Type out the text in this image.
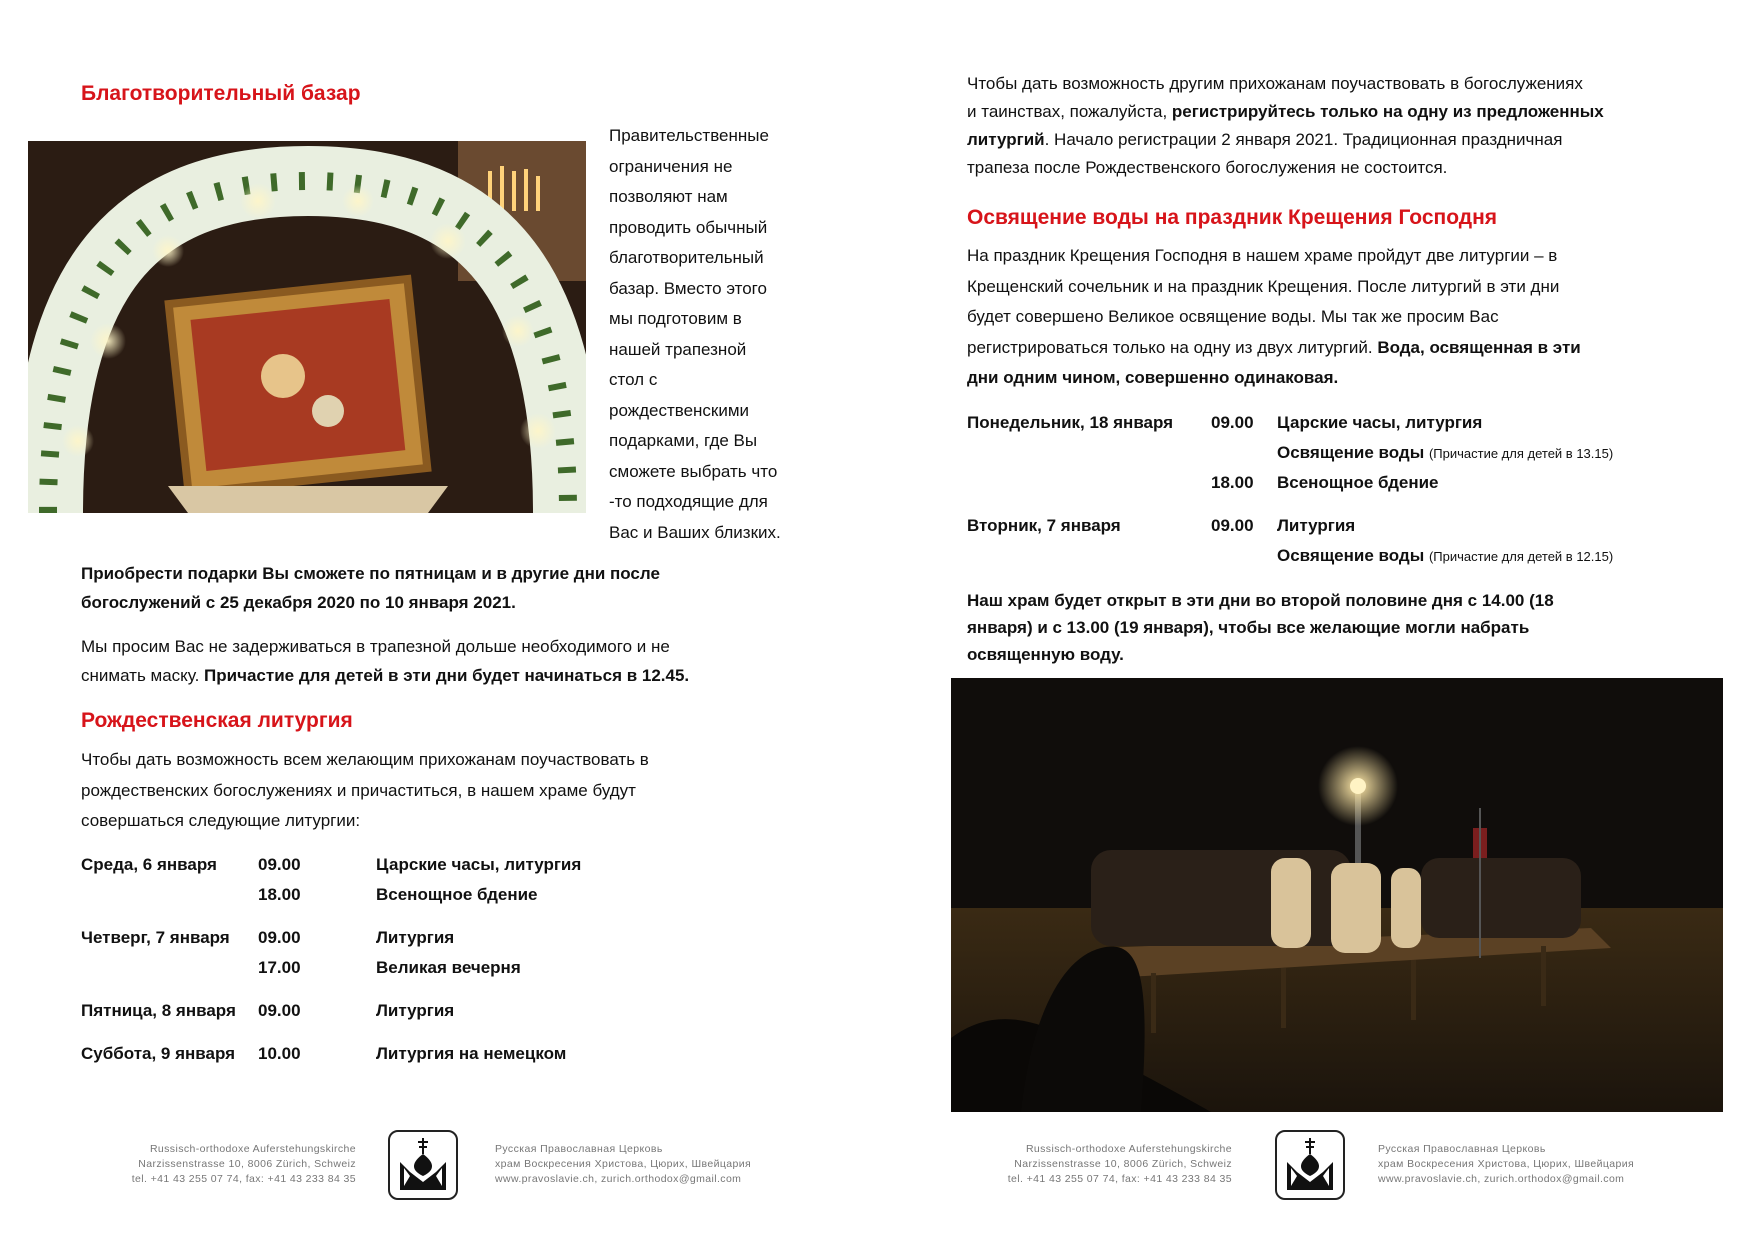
Благотворительный базар
Правительственные
ограничения не
позволяют нам
проводить обычный
благотворительный
базар. Вместо этого
мы подготовим в
нашей трапезной
стол с
рождественскими
подарками, где Вы
сможете выбрать что
-то подходящие для
Вас и Ваших близких.
Приобрести подарки Вы сможете по пятницам и в другие дни после
богослужений с 25 декабря 2020 по 10 января 2021.
Мы просим Вас не задерживаться в трапезной дольше необходимого и не
снимать маску. Причастие для детей в эти дни будет начинаться в 12.45.
Рождественская литургия
Чтобы дать возможность всем желающим прихожанам поучаствовать в
рождественских богослужениях и причаститься, в нашем храме будут
совершаться следующие литургии:
Среда, 6 января 09.00	Царские часы, литургия
18.00	Всенощное бдение
Четверг, 7 января 09.00	Литургия
17.00	Великая вечерня
Пятница, 8 января 09.00	Литургия
Суббота, 9 января 10.00	Литургия на немецком
Russisch-orthodoxe Auferstehungskirche
Narzissenstrasse 10, 8006 Zürich, Schweiz
tel. +41 43 255 07 74, fax: +41 43 233 84 35
Русская Православная Церковь
храм Воскресения Христова, Цюрих, Швейцария
www.pravoslavie.ch, zurich.orthodox@gmail.com
Чтобы дать возможность другим прихожанам поучаствовать в богослужениях
и таинствах, пожалуйста, регистрируйтесь только на одну из предложенных
литургий. Начало регистрации 2 января 2021. Традиционная праздничная
трапеза после Рождественского богослужения не состоится.
Освящение воды на праздник Крещения Господня
На праздник Крещения Господня в нашем храме пройдут две литургии – в
Крещенский сочельник и на праздник Крещения. После литургий в эти дни
будет совершено Великое освящение воды. Мы так же просим Вас
регистрироваться только на одну из двух литургий. Вода, освященная в эти
дни одним чином, совершенно одинаковая.
Понедельник, 18 января 09.00 Царские часы, литургия
Освящение воды (Причастие для детей в 13.15)
18.00 Всенощное бдение
Вторник, 7 января	09.00 Литургия
Освящение воды (Причастие для детей в 12.15)
Наш храм будет открыт в эти дни во второй половине дня с 14.00 (18
января) и с 13.00 (19 января), чтобы все желающие могли набрать
освященную воду.
Russisch-orthodoxe Auferstehungskirche
Narzissenstrasse 10, 8006 Zürich, Schweiz
tel. +41 43 255 07 74, fax: +41 43 233 84 35
Русская Православная Церковь
храм Воскресения Христова, Цюрих, Швейцария
www.pravoslavie.ch, zurich.orthodox@gmail.com
